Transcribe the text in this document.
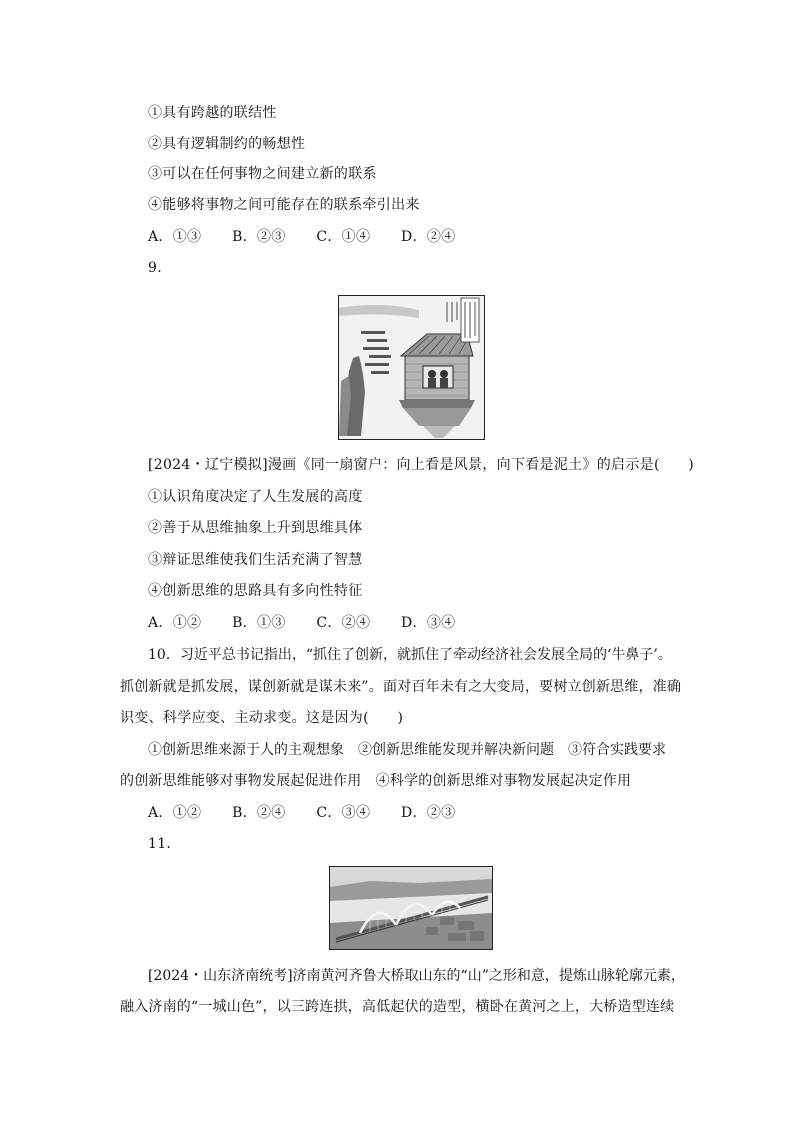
①具有跨越的联结性
②具有逻辑制约的畅想性
③可以在任何事物之间建立新的联系
④能够将事物之间可能存在的联系牵引出来
A．①③ B．②③ C．①④ D．②④
9.
[2024・辽宁模拟]漫画《同一扇窗户：向上看是风景，向下看是泥土》的启示是(　　)
①认识角度决定了人生发展的高度
②善于从思维抽象上升到思维具体
③辩证思维使我们生活充满了智慧
④创新思维的思路具有多向性特征
A．①② B．①③ C．②④ D．③④
10．习近平总书记指出，“抓住了创新，就抓住了牵动经济社会发展全局的‘牛鼻子’。
抓创新就是抓发展，谋创新就是谋未来”。面对百年未有之大变局，要树立创新思维，准确
识变、科学应变、主动求变。这是因为(　　)
①创新思维来源于人的主观想象　②创新思维能发现并解决新问题　③符合实践要求
的创新思维能够对事物发展起促进作用　④科学的创新思维对事物发展起决定作用
A．①② B．②④ C．③④ D．②③
11.
[2024・山东济南统考]济南黄河齐鲁大桥取山东的“山”之形和意，提炼山脉轮廓元素，
融入济南的“一城山色”，以三跨连拱，高低起伏的造型，横卧在黄河之上，大桥造型连续
